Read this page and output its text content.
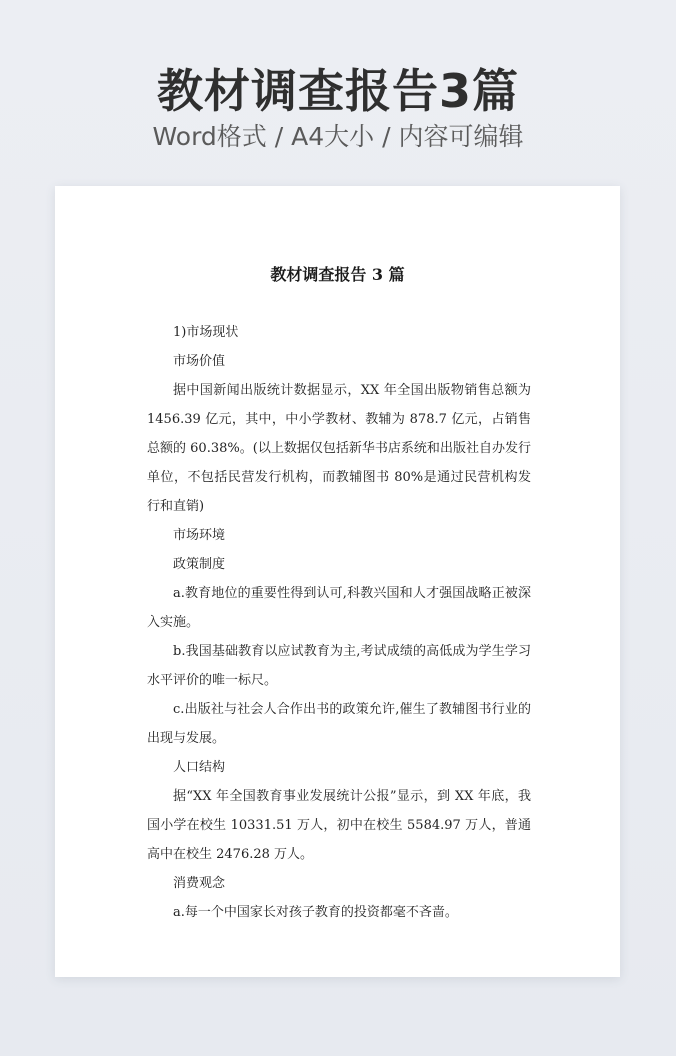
教材调查报告3篇
Word格式 / A4大小 / 内容可编辑
教材调查报告 3 篇

1)市场现状

市场价值

据中国新闻出版统计数据显示，XX 年全国出版物销售总额为 1456.39 亿元，其中，中小学教材、教辅为 878.7 亿元，占销售总额的 60.38%。(以上数据仅包括新华书店系统和出版社自办发行单位，不包括民营发行机构，而教辅图书 80%是通过民营机构发行和直销)

市场环境

政策制度

a.教育地位的重要性得到认可,科教兴国和人才强国战略正被深入实施。

b.我国基础教育以应试教育为主,考试成绩的高低成为学生学习水平评价的唯一标尺。

c.出版社与社会人合作出书的政策允许,催生了教辅图书行业的出现与发展。

人口结构

据“XX 年全国教育事业发展统计公报”显示，到 XX 年底，我国小学在校生 10331.51 万人，初中在校生 5584.97 万人，普通高中在校生 2476.28 万人。

消费观念

a.每一个中国家长对孩子教育的投资都毫不吝啬。
